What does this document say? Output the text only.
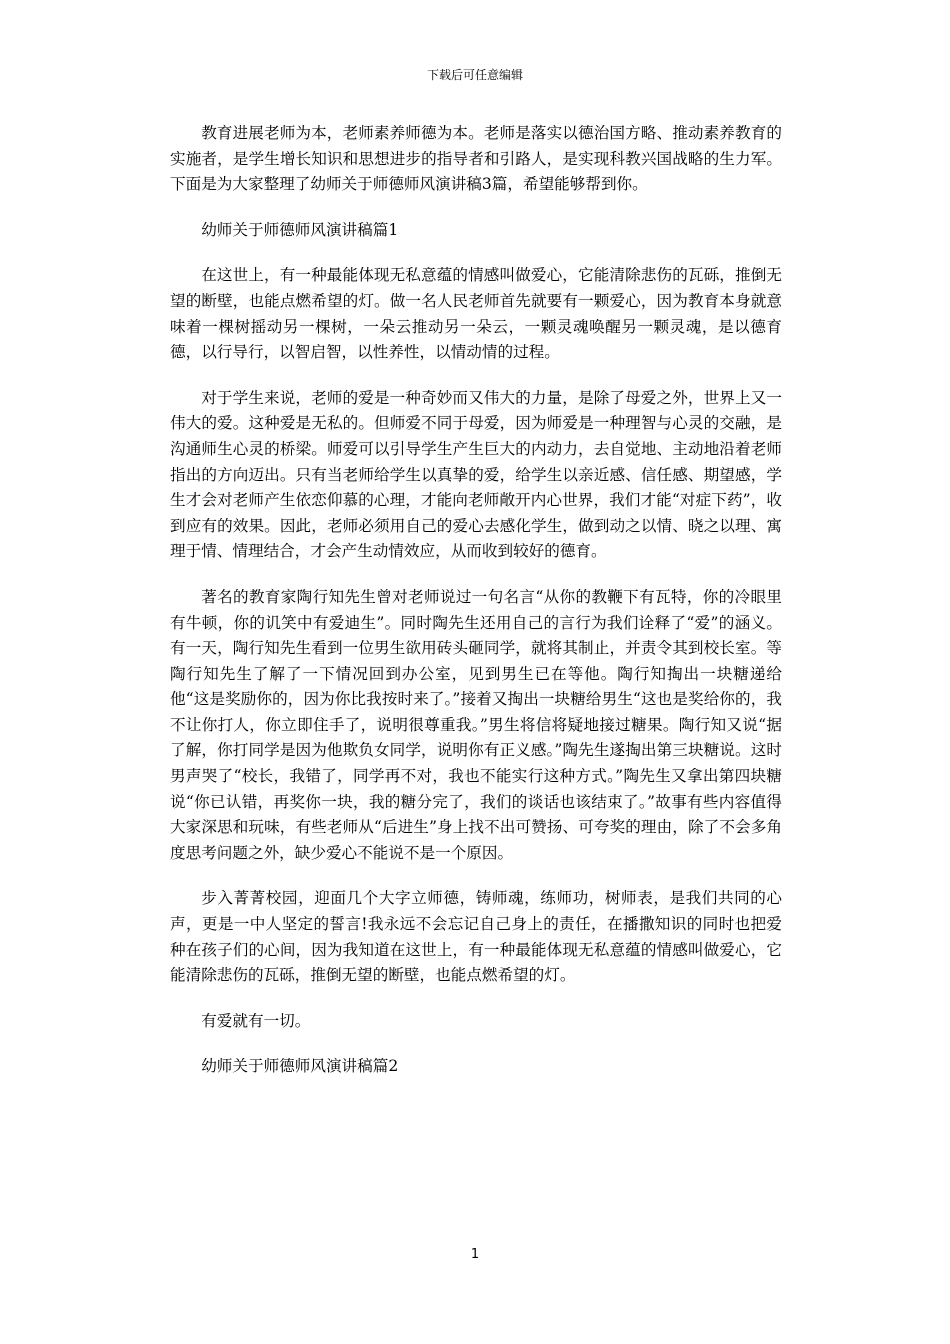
下载后可任意编辑

教育进展老师为本，老师素养师德为本。老师是落实以德治国方略、推动素养教育的实施者，是学生增长知识和思想进步的指导者和引路人，是实现科教兴国战略的生力军。下面是为大家整理了幼师关于师德师风演讲稿3篇，希望能够帮到你。

幼师关于师德师风演讲稿篇1

在这世上，有一种最能体现无私意蕴的情感叫做爱心，它能清除悲伤的瓦砾，推倒无望的断壁，也能点燃希望的灯。做一名人民老师首先就要有一颗爱心，因为教育本身就意味着一棵树摇动另一棵树，一朵云推动另一朵云，一颗灵魂唤醒另一颗灵魂，是以德育德，以行导行，以智启智，以性养性，以情动情的过程。

对于学生来说，老师的爱是一种奇妙而又伟大的力量，是除了母爱之外，世界上又一伟大的爱。这种爱是无私的。但师爱不同于母爱，因为师爱是一种理智与心灵的交融，是沟通师生心灵的桥梁。师爱可以引导学生产生巨大的内动力，去自觉地、主动地沿着老师指出的方向迈出。只有当老师给学生以真挚的爱，给学生以亲近感、信任感、期望感，学生才会对老师产生依恋仰慕的心理，才能向老师敞开内心世界，我们才能“对症下药”，收到应有的效果。因此，老师必须用自己的爱心去感化学生，做到动之以情、晓之以理、寓理于情、情理结合，才会产生动情效应，从而收到较好的德育。

著名的教育家陶行知先生曾对老师说过一句名言“从你的教鞭下有瓦特，你的冷眼里有牛顿，你的讥笑中有爱迪生”。同时陶先生还用自己的言行为我们诠释了“爱”的涵义。有一天，陶行知先生看到一位男生欲用砖头砸同学，就将其制止，并责令其到校长室。等陶行知先生了解了一下情况回到办公室，见到男生已在等他。陶行知掏出一块糖递给他“这是奖励你的，因为你比我按时来了。”接着又掏出一块糖给男生“这也是奖给你的，我不让你打人，你立即住手了，说明很尊重我。”男生将信将疑地接过糖果。陶行知又说“据了解，你打同学是因为他欺负女同学，说明你有正义感。”陶先生遂掏出第三块糖说。这时男声哭了“校长，我错了，同学再不对，我也不能实行这种方式。”陶先生又拿出第四块糖说“你已认错，再奖你一块，我的糖分完了，我们的谈话也该结束了。”故事有些内容值得大家深思和玩味，有些老师从“后进生”身上找不出可赞扬、可夸奖的理由，除了不会多角度思考问题之外，缺少爱心不能说不是一个原因。

步入菁菁校园，迎面几个大字立师德，铸师魂，练师功，树师表，是我们共同的心声，更是一中人坚定的誓言!我永远不会忘记自己身上的责任，在播撒知识的同时也把爱种在孩子们的心间，因为我知道在这世上，有一种最能体现无私意蕴的情感叫做爱心，它能清除悲伤的瓦砾，推倒无望的断壁，也能点燃希望的灯。

有爱就有一切。

幼师关于师德师风演讲稿篇2

1
